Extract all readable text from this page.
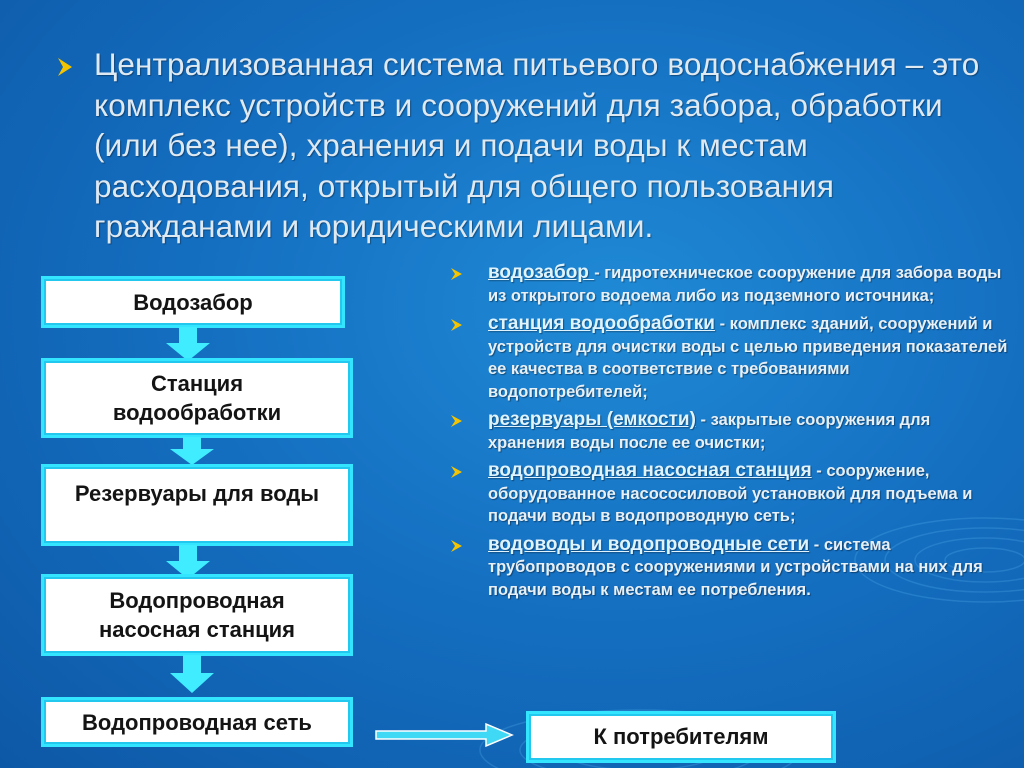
Централизованная система питьевого водоснабжения – это комплекс устройств и сооружений для забора, обработки (или без нее), хранения и подачи воды к местам расходования, открытый для общего пользования гражданами и юридическими лицами.

Водозабор
Станция водообработки
Резервуары для воды
Водопроводная насосная станция
Водопроводная сеть
К потребителям
водозабор - гидротехническое сооружение для забора воды из открытого водоема либо из подземного источника;
станция водообработки - комплекс зданий, сооружений и устройств для очистки воды с целью приведения показателей ее качества в соответствие с требованиями водопотребителей;
резервуары (емкости) - закрытые сооружения для хранения воды после ее очистки;
водопроводная насосная станция - сооружение, оборудованное насососиловой установкой для подъема и подачи воды в водопроводную сеть;
водоводы и водопроводные сети - система трубопроводов с сооружениями и устройствами на них для подачи воды к местам ее потребления.
